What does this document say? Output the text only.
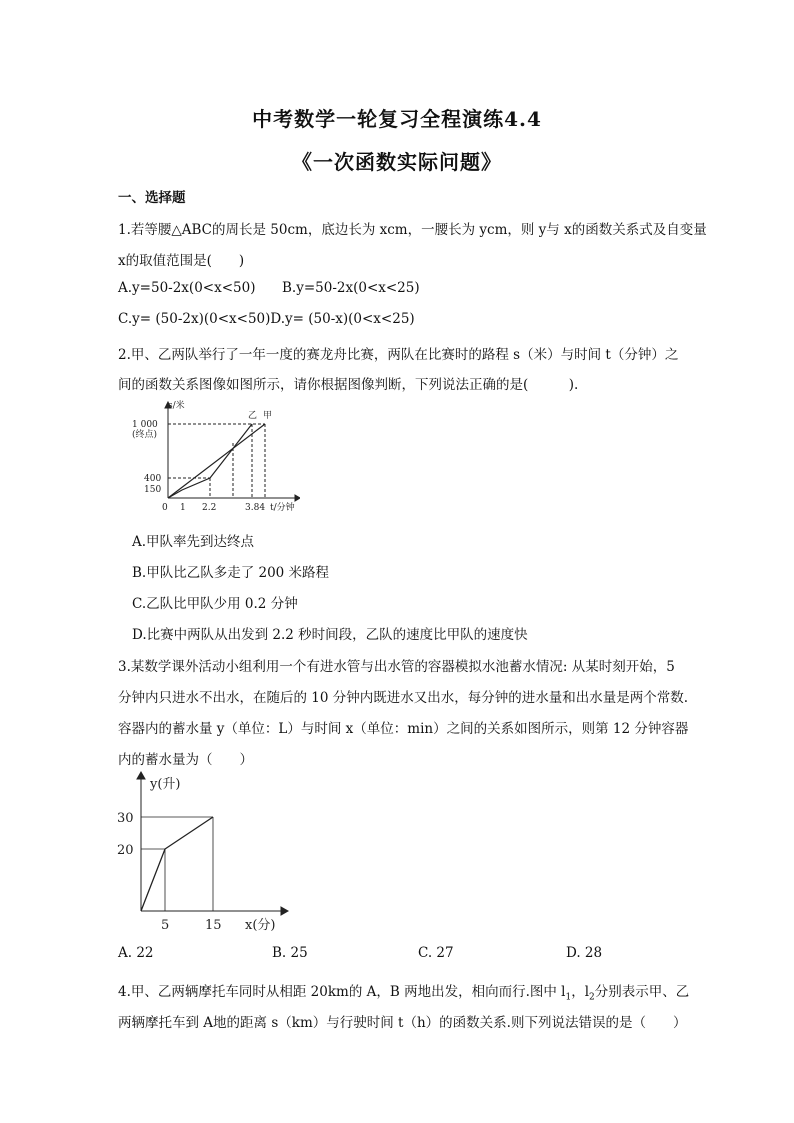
中考数学一轮复习全程演练4.4
《一次函数实际问题》
一、选择题
1.若等腰△ABC的周长是 50cm，底边长为 xcm，一腰长为 ycm，则 y与 x的函数关系式及自变量
x的取值范围是(　　)
A.y=50-2x(0<x<50) B.y=50-2x(0<x<25)
C.y= (50-2x)(0<x<50)D.y= (50-x)(0<x<25)
2.甲、乙两队举行了一年一度的赛龙舟比赛，两队在比赛时的路程 s（米）与时间 t（分钟）之
间的函数关系图像如图所示，请你根据图像判断，下列说法正确的是(　　　).
s/米
1 000
(终点)
400
150
0 1 2.2	3.84 t/分钟
乙 甲
A.甲队率先到达终点
B.甲队比乙队多走了 200 米路程
C.乙队比甲队少用 0.2 分钟
D.比赛中两队从出发到 2.2 秒时间段，乙队的速度比甲队的速度快
3.某数学课外活动小组利用一个有进水管与出水管的容器模拟水池蓄水情况: 从某时刻开始，5
分钟内只进水不出水，在随后的 10 分钟内既进水又出水，每分钟的进水量和出水量是两个常数.
容器内的蓄水量 y（单位：L）与时间 x（单位：min）之间的关系如图所示，则第 12 分钟容器
内的蓄水量为（　　）
y(升)
30
20
5	15 x(分)
A. 22	B. 25	C. 27	D. 28
4.甲、乙两辆摩托车同时从相距 20km的 A，B 两地出发，相向而行.图中 $l_1$，$l_2$分别表示甲、乙
两辆摩托车到 A地的距离 s（km）与行驶时间 t（h）的函数关系.则下列说法错误的是（　　）
